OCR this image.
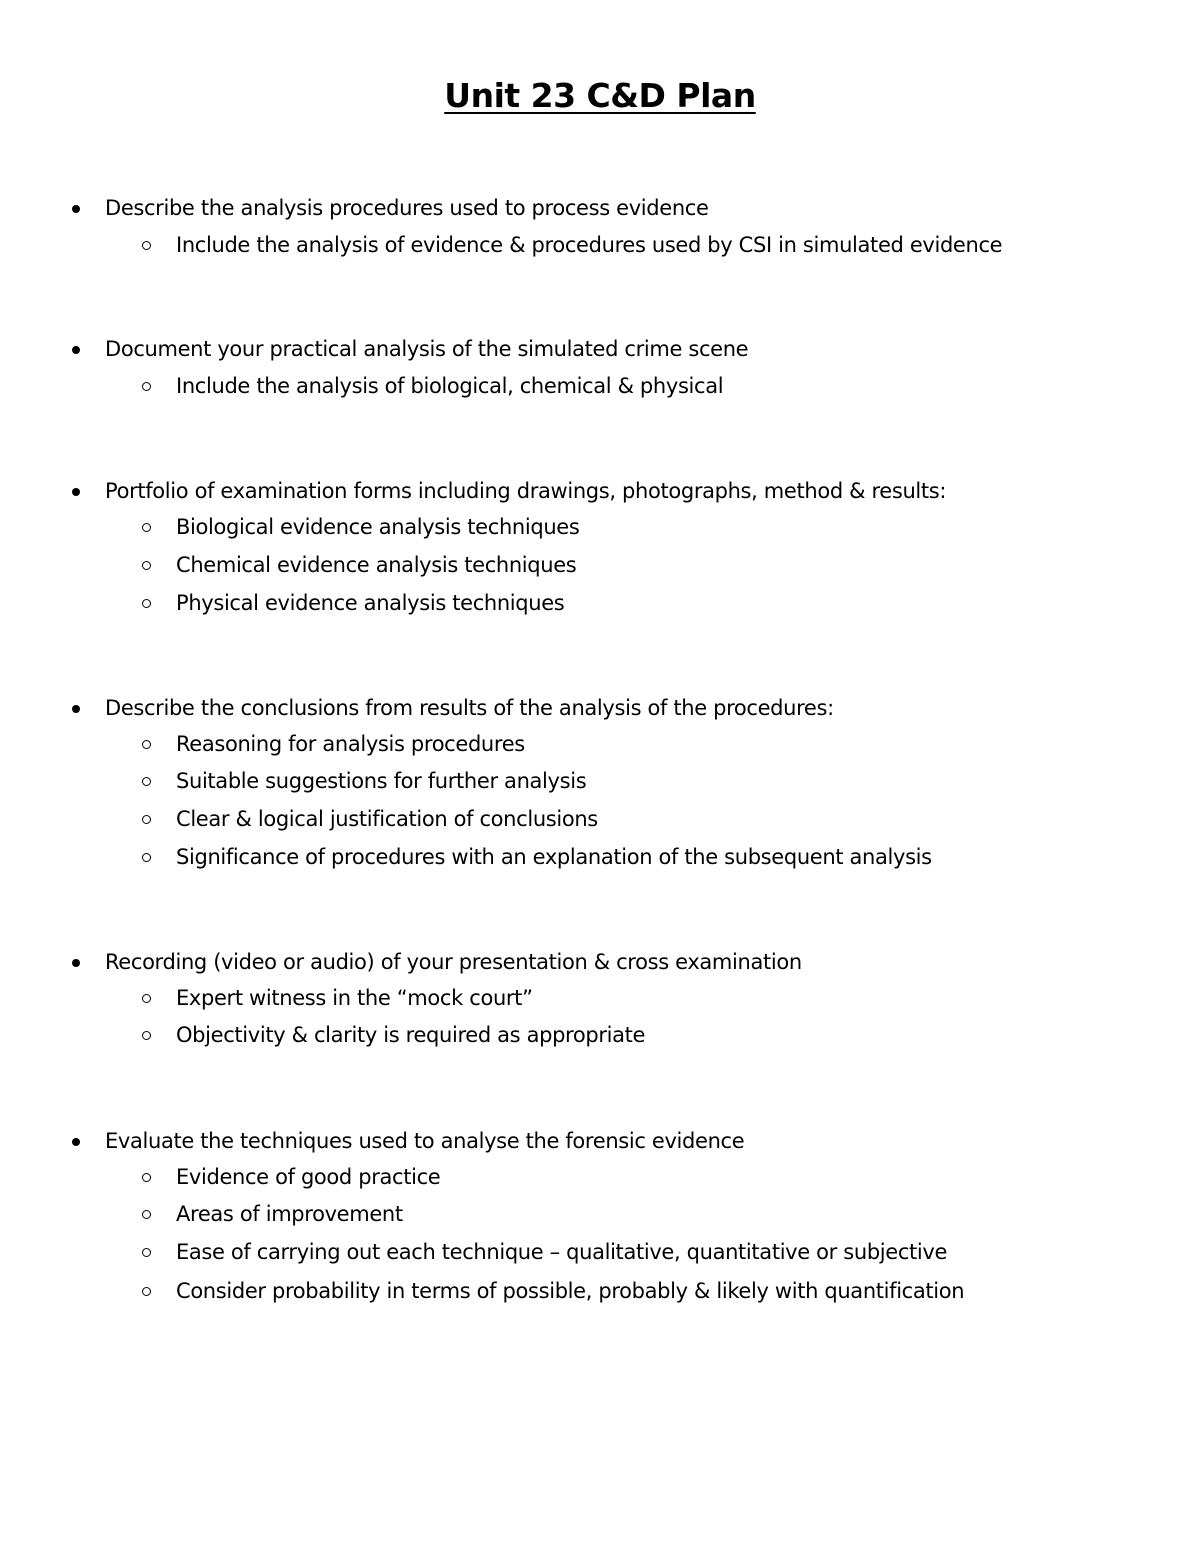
Unit 23 C&D Plan
Describe the analysis procedures used to process evidence
Include the analysis of evidence & procedures used by CSI in simulated evidence
Document your practical analysis of the simulated crime scene
Include the analysis of biological, chemical & physical
Portfolio of examination forms including drawings, photographs, method & results:
Biological evidence analysis techniques
Chemical evidence analysis techniques
Physical evidence analysis techniques
Describe the conclusions from results of the analysis of the procedures:
Reasoning for analysis procedures
Suitable suggestions for further analysis
Clear & logical justification of conclusions
Significance of procedures with an explanation of the subsequent analysis
Recording (video or audio) of your presentation & cross examination
Expert witness in the “mock court”
Objectivity & clarity is required as appropriate
Evaluate the techniques used to analyse the forensic evidence
Evidence of good practice
Areas of improvement
Ease of carrying out each technique – qualitative, quantitative or subjective
Consider probability in terms of possible, probably & likely with quantification
